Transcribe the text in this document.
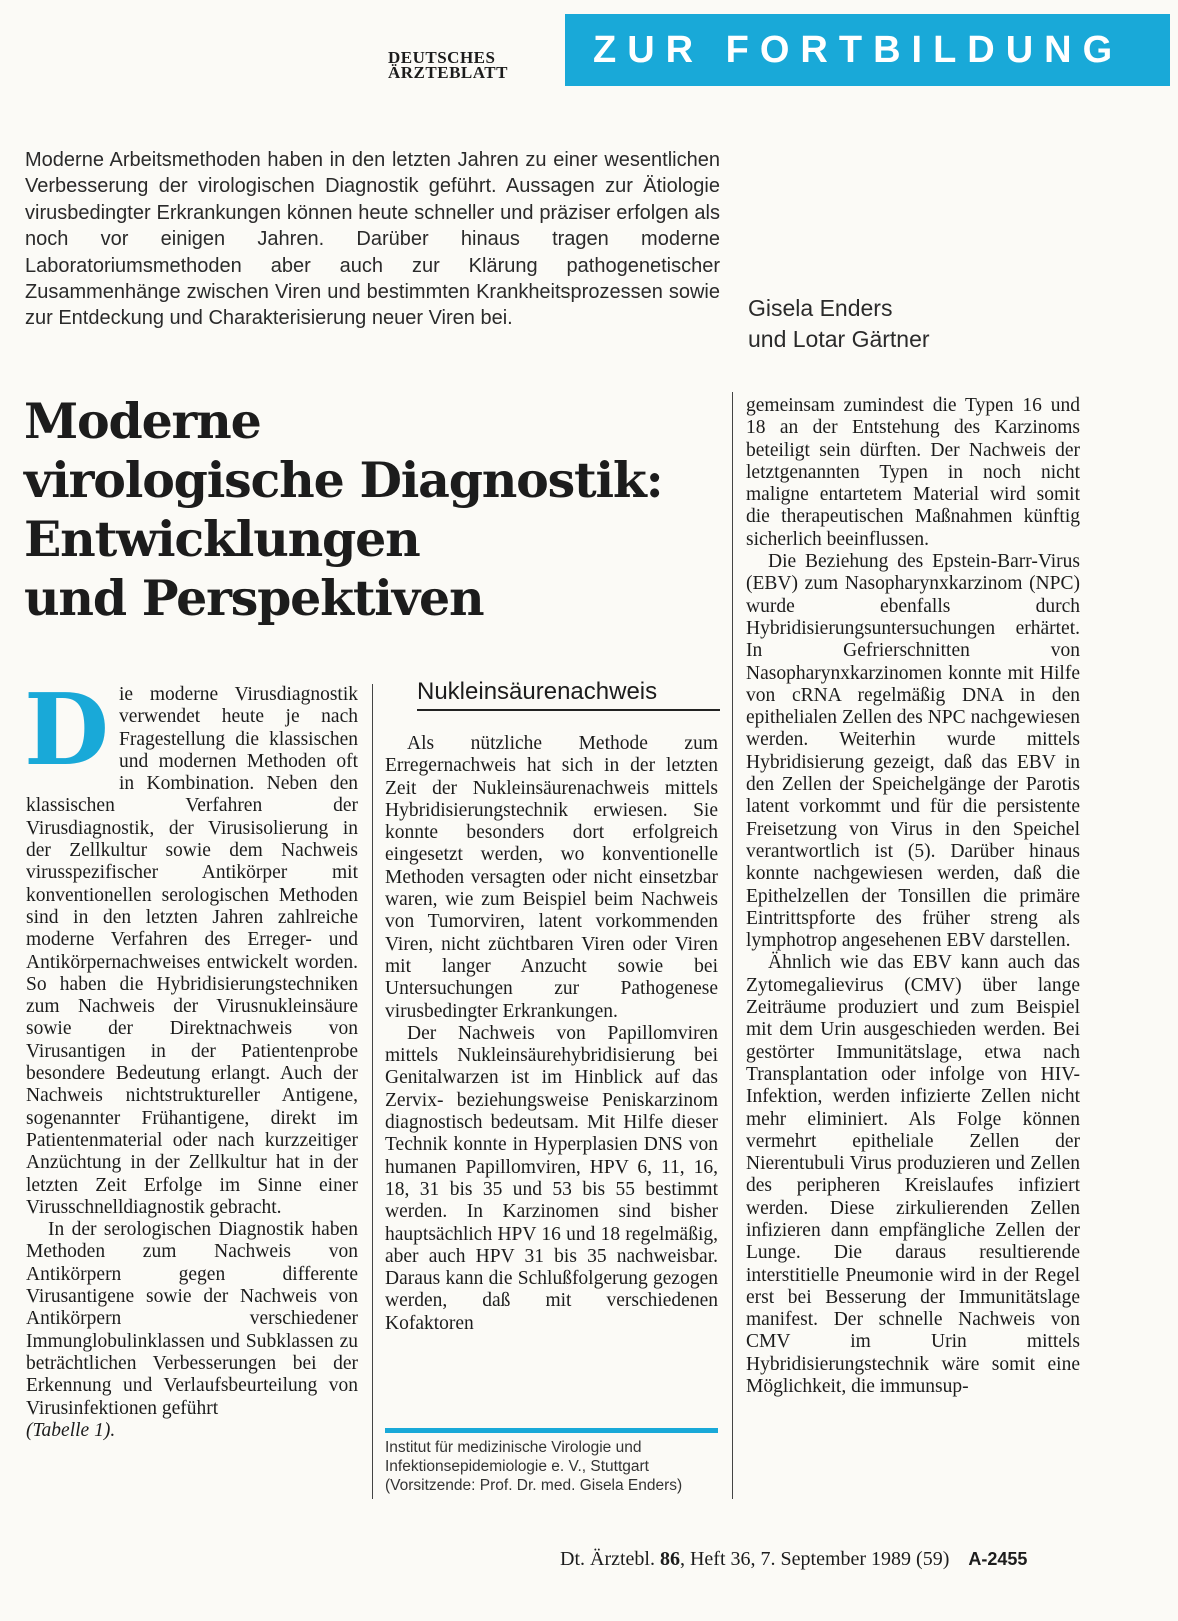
DEUTSCHES
ÄRZTEBLATT
ZUR FORTBILDUNG
Moderne Arbeitsmethoden haben in den letzten Jahren zu einer wesentlichen Verbesserung der virologischen Diagnostik geführt. Aussagen zur Ätiologie virusbedingter Erkrankungen können heute schneller und präziser erfolgen als noch vor einigen Jahren. Darüber hinaus tragen moderne Laboratoriumsmethoden aber auch zur Klärung pathogenetischer Zusammenhänge zwischen Viren und bestimmten Krankheitsprozessen sowie zur Entdeckung und Charakterisierung neuer Viren bei.	Gisela Enders
und Lotar Gärtner
Moderne
virologische Diagnostik:
Entwicklungen
und Perspektiven

Die moderne Virusdiagnostik verwendet heute je nach Fragestellung die klassischen und modernen Methoden oft in Kombination. Neben den klassischen Verfahren der Virusdiagnostik, der Virusisolierung in der Zellkultur sowie dem Nachweis virusspezifischer Antikörper mit konventionellen serologischen Methoden sind in den letzten Jahren zahlreiche moderne Verfahren des Erreger- und Antikörpernachweises entwickelt worden. So haben die Hybridisierungstechniken zum Nachweis der Virusnukleinsäure sowie der Direktnachweis von Virusantigen in der Patientenprobe besondere Bedeutung erlangt. Auch der Nachweis nichtstruktureller Antigene, sogenannter Frühantigene, direkt im Patientenmaterial oder nach kurzzeitiger Anzüchtung in der Zellkultur hat in der letzten Zeit Erfolge im Sinne einer Virusschnelldiagnostik gebracht.

In der serologischen Diagnostik haben Methoden zum Nachweis von Antikörpern gegen differente Virusantigene sowie der Nachweis von Antikörpern verschiedener Immunglobulinklassen und Subklassen zu beträchtlichen Verbesserungen bei der Erkennung und Verlaufsbeurteilung von Virusinfektionen geführt
(Tabelle 1).

Nukleinsäurenachweis

Als nützliche Methode zum Erregernachweis hat sich in der letzten Zeit der Nukleinsäurenachweis mittels Hybridisierungstechnik erwiesen. Sie konnte besonders dort erfolgreich eingesetzt werden, wo konventionelle Methoden versagten oder nicht einsetzbar waren, wie zum Beispiel beim Nachweis von Tumorviren, latent vorkommenden Viren, nicht züchtbaren Viren oder Viren mit langer Anzucht sowie bei Untersuchungen zur Pathogenese virusbedingter Erkrankungen.

Der Nachweis von Papillomviren mittels Nukleinsäurehybridisierung bei Genitalwarzen ist im Hinblick auf das Zervix- beziehungsweise Peniskarzinom diagnostisch bedeutsam. Mit Hilfe dieser Technik konnte in Hyperplasien DNS von humanen Papillomviren, HPV 6, 11, 16, 18, 31 bis 35 und 53 bis 55 bestimmt werden. In Karzinomen sind bisher hauptsächlich HPV 16 und 18 regelmäßig, aber auch HPV 31 bis 35 nachweisbar. Daraus kann die Schlußfolgerung gezogen werden, daß mit verschiedenen Kofaktoren

Institut für medizinische Virologie und
Infektionsepidemiologie e. V., Stuttgart
(Vorsitzende: Prof. Dr. med. Gisela Enders)

gemeinsam zumindest die Typen 16 und 18 an der Entstehung des Karzinoms beteiligt sein dürften. Der Nachweis der letztgenannten Typen in noch nicht maligne entartetem Material wird somit die therapeutischen Maßnahmen künftig sicherlich beeinflussen.

Die Beziehung des Epstein-Barr-Virus (EBV) zum Nasopharynxkarzinom (NPC) wurde ebenfalls durch Hybridisierungsuntersuchungen erhärtet. In Gefrierschnitten von Nasopharynxkarzinomen konnte mit Hilfe von cRNA regelmäßig DNA in den epithelialen Zellen des NPC nachgewiesen werden. Weiterhin wurde mittels Hybridisierung gezeigt, daß das EBV in den Zellen der Speichelgänge der Parotis latent vorkommt und für die persistente Freisetzung von Virus in den Speichel verantwortlich ist (5). Darüber hinaus konnte nachgewiesen werden, daß die Epithelzellen der Tonsillen die primäre Eintrittspforte des früher streng als lymphotrop angesehenen EBV darstellen.

Ähnlich wie das EBV kann auch das Zytomegalievirus (CMV) über lange Zeiträume produziert und zum Beispiel mit dem Urin ausgeschieden werden. Bei gestörter Immunitätslage, etwa nach Transplantation oder infolge von HIV-Infektion, werden infizierte Zellen nicht mehr eliminiert. Als Folge können vermehrt epitheliale Zellen der Nierentubuli Virus produzieren und Zellen des peripheren Kreislaufes infiziert werden. Diese zirkulierenden Zellen infizieren dann empfängliche Zellen der Lunge. Die daraus resultierende interstitielle Pneumonie wird in der Regel erst bei Besserung der Immunitätslage manifest. Der schnelle Nachweis von CMV im Urin mittels Hybridisierungstechnik wäre somit eine Möglichkeit, die immunsup-

Dt. Ärztebl. 86, Heft 36, 7. September 1989 (59) A-2455
